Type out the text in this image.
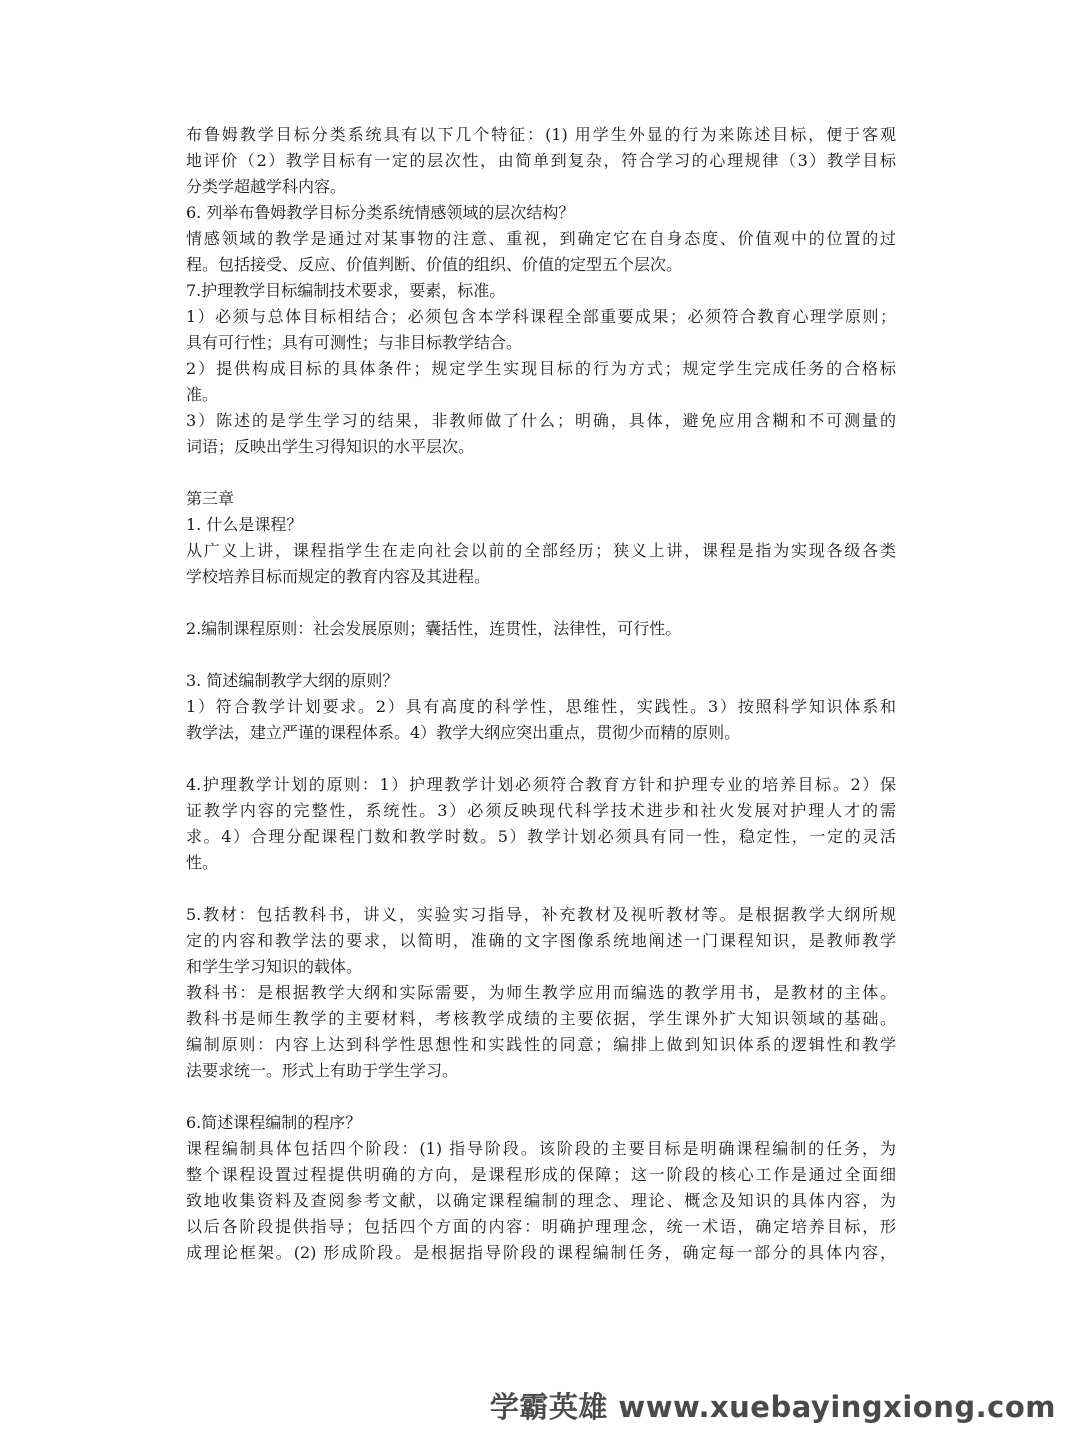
布鲁姆教学目标分类系统具有以下几个特征：(1) 用学生外显的行为来陈述目标，便于客观

地评价（2）教学目标有一定的层次性，由简单到复杂，符合学习的心理规律（3）教学目标

分类学超越学科内容。

6. 列举布鲁姆教学目标分类系统情感领域的层次结构？

情感领域的教学是通过对某事物的注意、重视，到确定它在自身态度、价值观中的位置的过

程。包括接受、反应、价值判断、价值的组织、价值的定型五个层次。

7.护理教学目标编制技术要求，要素，标准。

1）必须与总体目标相结合；必须包含本学科课程全部重要成果；必须符合教育心理学原则；

具有可行性；具有可测性；与非目标教学结合。

2）提供构成目标的具体条件；规定学生实现目标的行为方式；规定学生完成任务的合格标

准。

3）陈述的是学生学习的结果，非教师做了什么；明确，具体，避免应用含糊和不可测量的

词语；反映出学生习得知识的水平层次。

第三章

1. 什么是课程？

从广义上讲，课程指学生在走向社会以前的全部经历；狭义上讲，课程是指为实现各级各类

学校培养目标而规定的教育内容及其进程。

2.编制课程原则：社会发展原则；囊括性，连贯性，法律性，可行性。

3. 简述编制教学大纲的原则？

1）符合教学计划要求。2）具有高度的科学性，思维性，实践性。3）按照科学知识体系和

教学法，建立严谨的课程体系。4）教学大纲应突出重点，贯彻少而精的原则。

4.护理教学计划的原则：1）护理教学计划必须符合教育方针和护理专业的培养目标。2）保

证教学内容的完整性，系统性。3）必须反映现代科学技术进步和社火发展对护理人才的需

求。4）合理分配课程门数和教学时数。5）教学计划必须具有同一性，稳定性，一定的灵活

性。

5.教材：包括教科书，讲义，实验实习指导，补充教材及视听教材等。是根据教学大纲所规

定的内容和教学法的要求，以简明，准确的文字图像系统地阐述一门课程知识，是教师教学

和学生学习知识的载体。

教科书：是根据教学大纲和实际需要，为师生教学应用而编选的教学用书，是教材的主体。

教科书是师生教学的主要材料，考核教学成绩的主要依据，学生课外扩大知识领域的基础。

编制原则：内容上达到科学性思想性和实践性的同意；编排上做到知识体系的逻辑性和教学

法要求统一。形式上有助于学生学习。

6.简述课程编制的程序？

课程编制具体包括四个阶段：(1) 指导阶段。该阶段的主要目标是明确课程编制的任务，为

整个课程设置过程提供明确的方向，是课程形成的保障；这一阶段的核心工作是通过全面细

致地收集资料及查阅参考文献，以确定课程编制的理念、理论、概念及知识的具体内容，为

以后各阶段提供指导；包括四个方面的内容：明确护理理念，统一术语，确定培养目标，形

成理论框架。(2) 形成阶段。是根据指导阶段的课程编制任务，确定每一部分的具体内容，

学霸英雄 www.xuebayingxiong.com
